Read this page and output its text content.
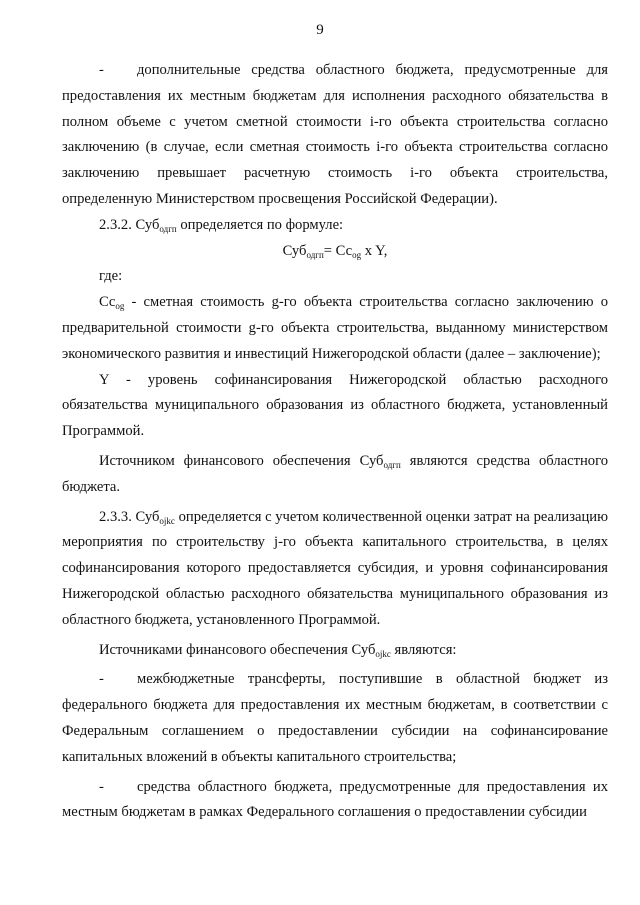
9

- дополнительные средства областного бюджета, предусмотренные для предоставления их местным бюджетам для исполнения расходного обязательства в полном объеме с учетом сметной стоимости i-го объекта строительства согласно заключению (в случае, если сметная стоимость i-го объекта строительства согласно заключению превышает расчетную стоимость i-го объекта строительства, определенную Министерством просвещения Российской Федерации).

2.3.2. Суб$_{одгп}$ определяется по формуле:

$Суб_{одгп}= Сс_{og}$ x Y,

где:

$Сс_{og}$ - сметная стоимость g-го объекта строительства согласно заключению о предварительной стоимости g-го объекта строительства, выданному министерством экономического развития и инвестиций Нижегородской области (далее – заключение);

Y - уровень софинансирования Нижегородской областью расходного обязательства муниципального образования из областного бюджета, установленный Программой.

Источником финансового обеспечения Суб$_{одгп}$ являются средства областного бюджета.

2.3.3. Суб$_{ojkc}$ определяется с учетом количественной оценки затрат на реализацию мероприятия по строительству j-го объекта капитального строительства, в целях софинансирования которого предоставляется субсидия, и уровня софинансирования Нижегородской областью расходного обязательства муниципального образования из областного бюджета, установленного Программой.

Источниками финансового обеспечения Суб$_{ojkc}$ являются:

- межбюджетные трансферты, поступившие в областной бюджет из федерального бюджета для предоставления их местным бюджетам, в соответствии с Федеральным соглашением о предоставлении субсидии на софинансирование капитальных вложений в объекты капитального строительства;

- средства областного бюджета, предусмотренные для предоставления их местным бюджетам в рамках Федерального соглашения о предоставлении субсидии
